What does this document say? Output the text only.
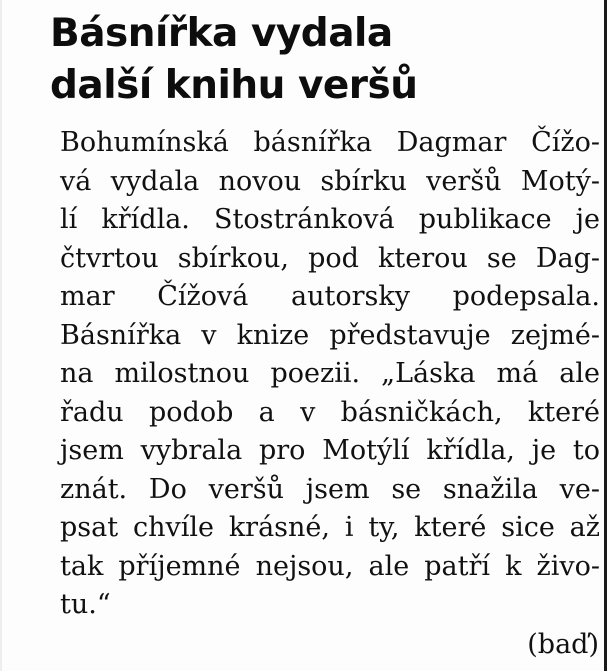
Básnířka vydala
další knihu veršů
Bohumínská básnířka Dagmar Čížo-
vá vydala novou sbírku veršů Motý-
lí křídla. Stostránková publikace je
čtvrtou sbírkou, pod kterou se Dag-
mar Čížová autorsky podepsala.
Básnířka v knize představuje zejmé-
na milostnou poezii. „Láska má ale
řadu podob a v básničkách, které
jsem vybrala pro Motýlí křídla, je to
znát. Do veršů jsem se snažila ve-
psat chvíle krásné, i ty, které sice až
tak příjemné nejsou, ale patří k živo-
tu.“
(baď)
